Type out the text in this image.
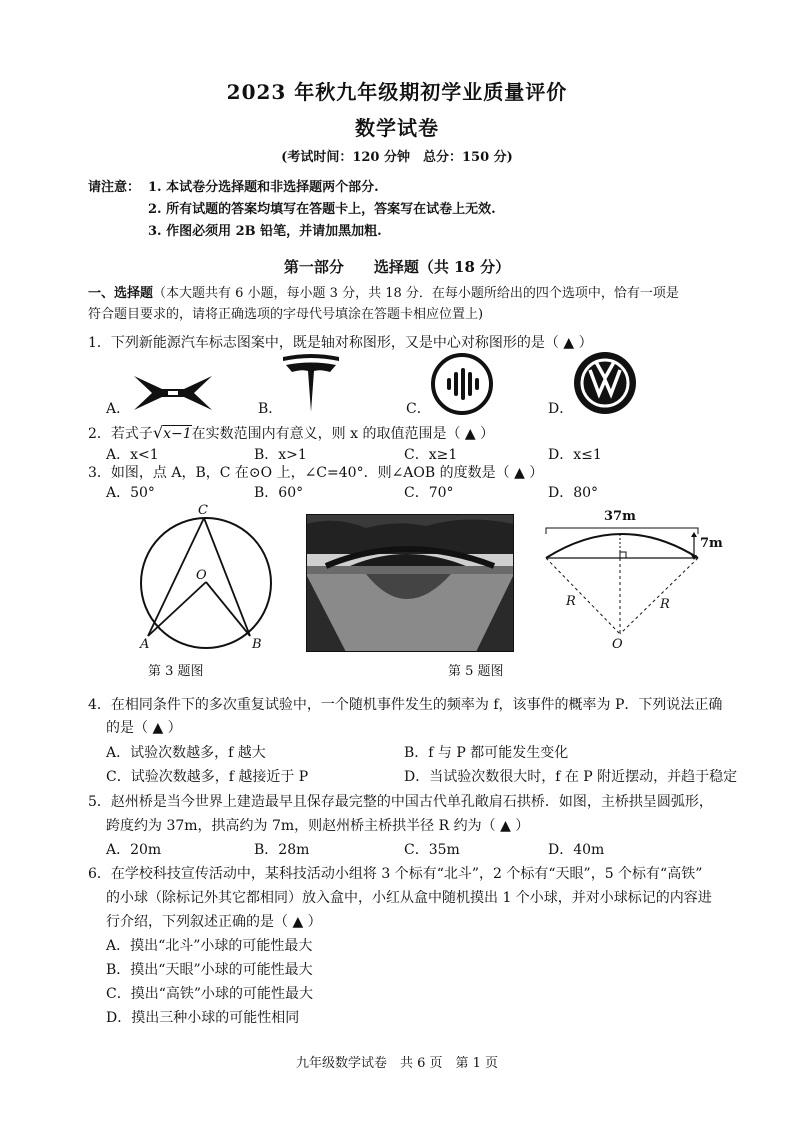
2023 年秋九年级期初学业质量评价
数学试卷
(考试时间：120 分钟　总分：150 分)
请注意： 1. 本试卷分选择题和非选择题两个部分.
2. 所有试题的答案均填写在答题卡上，答案写在试卷上无效.
3. 作图必须用 2B 铅笔，并请加黑加粗.
第一部分　　选择题（共 18 分）
一、选择题（本大题共有 6 小题，每小题 3 分，共 18 分．在每小题所给出的四个选项中，恰有一项是
符合题目要求的，请将正确选项的字母代号填涂在答题卡相应位置上)
1．下列新能源汽车标志图案中，既是轴对称图形，又是中心对称图形的是（ ▲ ）
A．	B．	C．	D．
2．若式子√x−1在实数范围内有意义，则 x 的取值范围是（ ▲ ）
A．x<1	B．x>1	C．x≥1	D．x≤1
3．如图，点 A，B，C 在⊙O 上，∠C=40°．则∠AOB 的度数是（ ▲ ）
A．50°	B．60°	C．70°	D．80°
C
O
A	B
第 3 题图	第 5 题图
37m
7m
R	R
O
4．在相同条件下的多次重复试验中，一个随机事件发生的频率为 f，该事件的概率为 P．下列说法正确
的是（ ▲ ）
A．试验次数越多，f 越大	B．f 与 P 都可能发生变化
C．试验次数越多，f 越接近于 P	D．当试验次数很大时，f 在 P 附近摆动，并趋于稳定
5．赵州桥是当今世界上建造最早且保存最完整的中国古代单孔敞肩石拱桥．如图，主桥拱呈圆弧形，
跨度约为 37m，拱高约为 7m，则赵州桥主桥拱半径 R 约为（ ▲ ）
A．20m	B．28m	C．35m	D．40m
6．在学校科技宣传活动中，某科技活动小组将 3 个标有“北斗”，2 个标有“天眼”，5 个标有“高铁”
的小球（除标记外其它都相同）放入盒中，小红从盒中随机摸出 1 个小球，并对小球标记的内容进
行介绍，下列叙述正确的是（ ▲ ）
A．摸出“北斗”小球的可能性最大
B．摸出“天眼”小球的可能性最大
C．摸出“高铁”小球的可能性最大
D．摸出三种小球的可能性相同
九年级数学试卷　共 6 页　第 1 页
